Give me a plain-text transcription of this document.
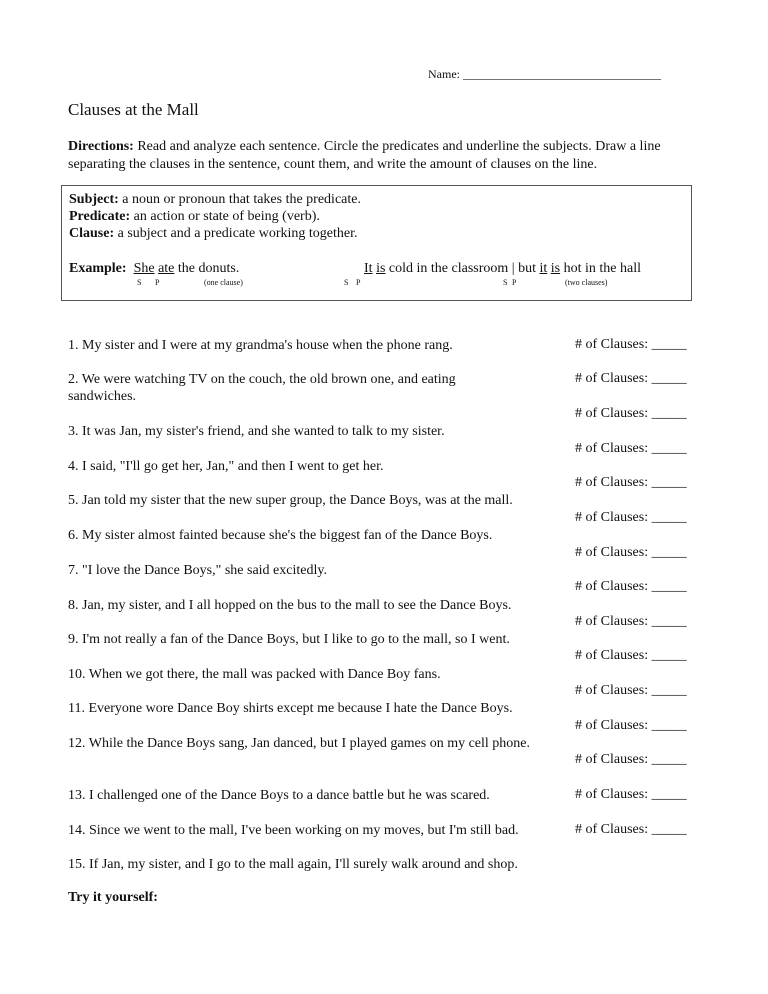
Name: _________________________________
Clauses at the Mall
Directions: Read and analyze each sentence. Circle the predicates and underline the subjects. Draw a line separating the clauses in the sentence, count them, and write the amount of clauses on the line.
Subject: a noun or pronoun that takes the predicate.
Predicate: an action or state of being (verb).
Clause: a subject and a predicate working together.
Example: She ate the donuts.	It is cold in the classroom | but it is hot in the hall
S P	(one clause)	S P	S P	(two clauses)
1. My sister and I were at my grandma's house when the phone rang.
2. We were watching TV on the couch, the old brown one, and eating sandwiches.
3. It was Jan, my sister's friend, and she wanted to talk to my sister.
4. I said, "I'll go get her, Jan," and then I went to get her.
5. Jan told my sister that the new super group, the Dance Boys, was at the mall.
6. My sister almost fainted because she's the biggest fan of the Dance Boys.
7. "I love the Dance Boys," she said excitedly.
8. Jan, my sister, and I all hopped on the bus to the mall to see the Dance Boys.
9. I'm not really a fan of the Dance Boys, but I like to go to the mall, so I went.
10. When we got there, the mall was packed with Dance Boy fans.
11. Everyone wore Dance Boy shirts except me because I hate the Dance Boys.
12. While the Dance Boys sang, Jan danced, but I played games on my cell phone.
13. I challenged one of the Dance Boys to a dance battle but he was scared.
14. Since we went to the mall, I've been working on my moves, but I'm still bad.
15. If Jan, my sister, and I go to the mall again, I'll surely walk around and shop.
# of Clauses: _____
# of Clauses: _____
# of Clauses: _____
# of Clauses: _____
# of Clauses: _____
# of Clauses: _____
# of Clauses: _____
# of Clauses: _____
# of Clauses: _____
# of Clauses: _____
# of Clauses: _____
# of Clauses: _____
# of Clauses: _____
# of Clauses: _____
# of Clauses: _____
Try it yourself:
